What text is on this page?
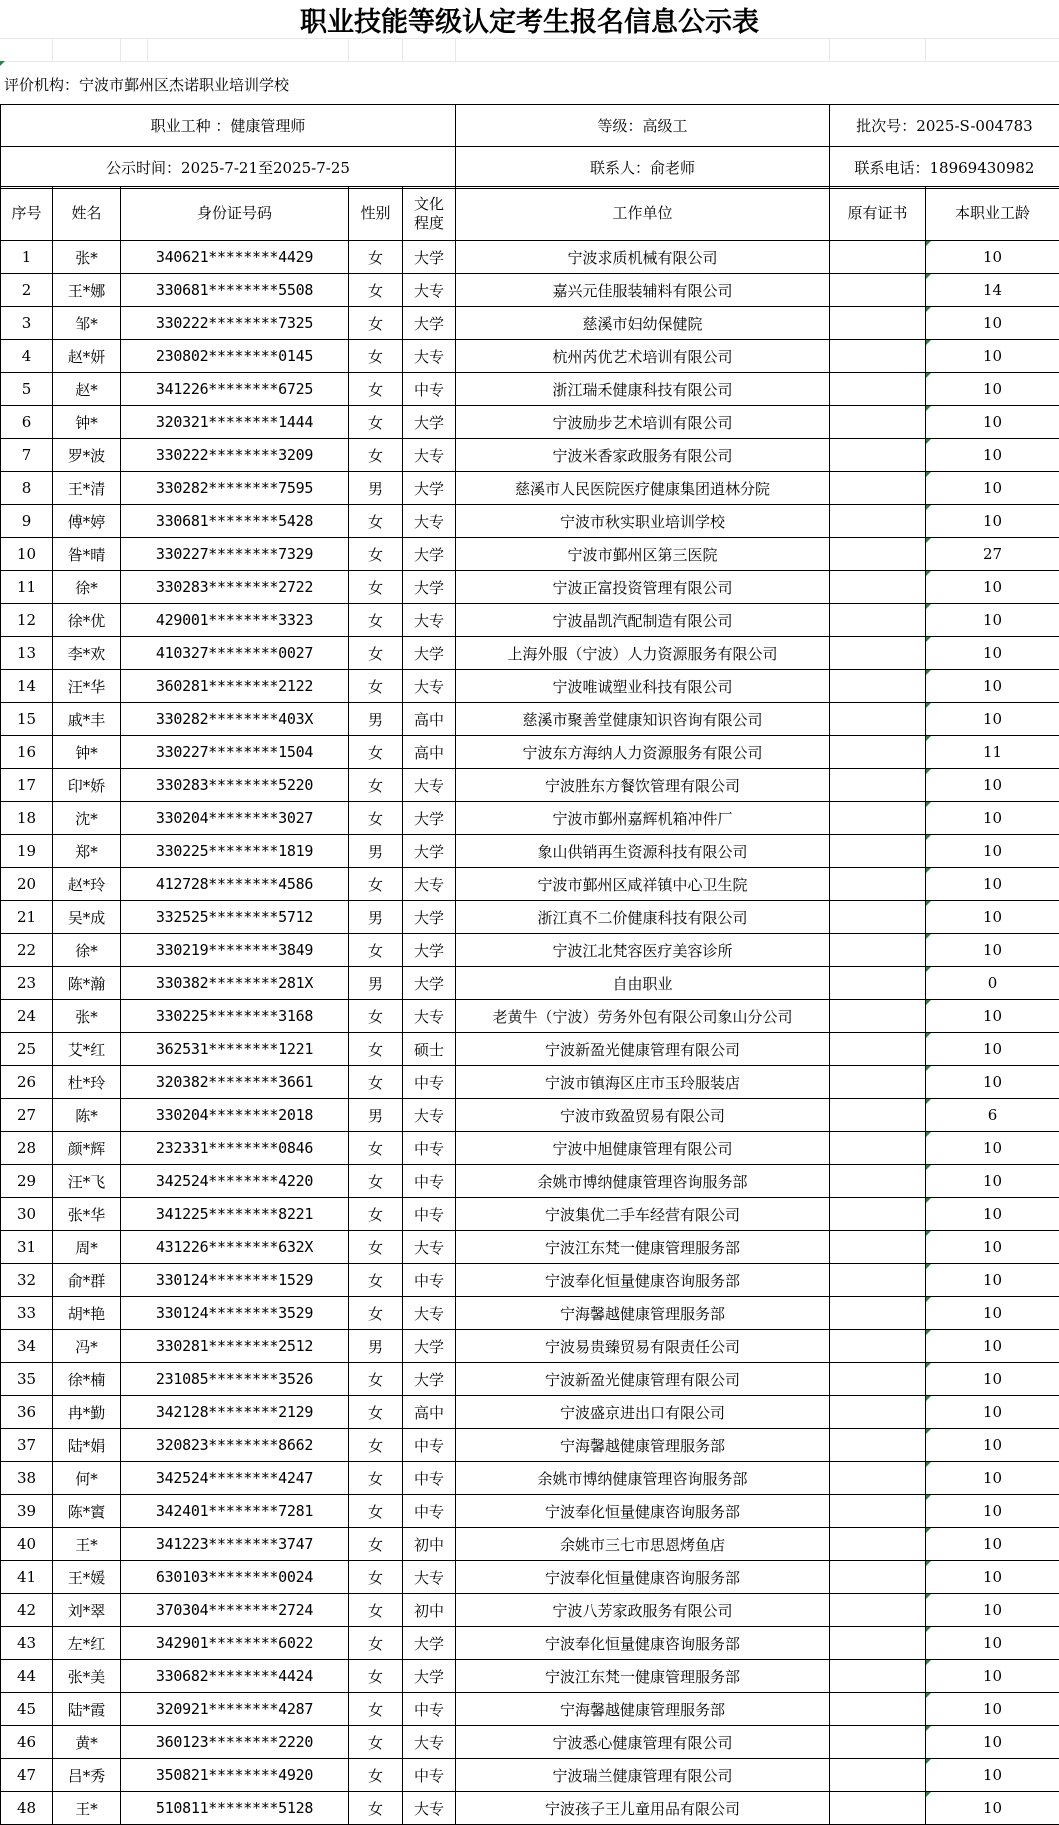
职业技能等级认定考生报名信息公示表
评价机构：宁波市鄞州区杰诺职业培训学校
职业工种 ：健康管理师	等级：高级工	批次号：2025-S-004783
公示时间：2025-7-21至2025-7-25	联系人：俞老师	联系电话：18969430982
序号	姓名	身份证号码	性别	文化程度	工作单位	原有证书	本职业工龄
1	张*	340621********4429	女	大学	宁波求质机械有限公司		10

2	王*娜	330681********5508	女	大专	嘉兴元佳服装辅料有限公司		14

3	邹*	330222********7325	女	大学	慈溪市妇幼保健院		10

4	赵*妍	230802********0145	女	大专	杭州芮优艺术培训有限公司		10

5	赵*	341226********6725	女	中专	浙江瑞禾健康科技有限公司		10

6	钟*	320321********1444	女	大学	宁波励步艺术培训有限公司		10

7	罗*波	330222********3209	女	大专	宁波米香家政服务有限公司		10

8	王*清	330282********7595	男	大学	慈溪市人民医院医疗健康集团逍林分院		10

9	傅*婷	330681********5428	女	大专	宁波市秋实职业培训学校		10

10	昝*晴	330227********7329	女	大学	宁波市鄞州区第三医院		27

11	徐*	330283********2722	女	大学	宁波正富投资管理有限公司		10

12	徐*优	429001********3323	女	大专	宁波晶凯汽配制造有限公司		10

13	李*欢	410327********0027	女	大学	上海外服（宁波）人力资源服务有限公司		10

14	汪*华	360281********2122	女	大专	宁波唯诚塑业科技有限公司		10

15	戚*丰	330282********403X	男	高中	慈溪市聚善堂健康知识咨询有限公司		10

16	钟*	330227********1504	女	高中	宁波东方海纳人力资源服务有限公司		11

17	印*娇	330283********5220	女	大专	宁波胜东方餐饮管理有限公司		10

18	沈*	330204********3027	女	大学	宁波市鄞州嘉辉机箱冲件厂		10

19	郑*	330225********1819	男	大学	象山供销再生资源科技有限公司		10

20	赵*玲	412728********4586	女	大专	宁波市鄞州区咸祥镇中心卫生院		10

21	吴*成	332525********5712	男	大学	浙江真不二价健康科技有限公司		10

22	徐*	330219********3849	女	大学	宁波江北梵容医疗美容诊所		10

23	陈*瀚	330382********281X	男	大学	自由职业		0

24	张*	330225********3168	女	大专	老黄牛（宁波）劳务外包有限公司象山分公司		10

25	艾*红	362531********1221	女	硕士	宁波新盈光健康管理有限公司		10

26	杜*玲	320382********3661	女	中专	宁波市镇海区庄市玉玲服装店		10

27	陈*	330204********2018	男	大专	宁波市致盈贸易有限公司		6

28	颜*辉	232331********0846	女	中专	宁波中旭健康管理有限公司		10

29	汪*飞	342524********4220	女	中专	余姚市博纳健康管理咨询服务部		10

30	张*华	341225********8221	女	中专	宁波集优二手车经营有限公司		10

31	周*	431226********632X	女	大专	宁波江东梵一健康管理服务部		10

32	俞*群	330124********1529	女	中专	宁波奉化恒量健康咨询服务部		10

33	胡*艳	330124********3529	女	大专	宁海馨越健康管理服务部		10

34	冯*	330281********2512	男	大学	宁波易贵臻贸易有限责任公司		10

35	徐*楠	231085********3526	女	大学	宁波新盈光健康管理有限公司		10

36	冉*勤	342128********2129	女	高中	宁波盛京进出口有限公司		10

37	陆*娟	320823********8662	女	中专	宁海馨越健康管理服务部		10

38	何*	342524********4247	女	中专	余姚市博纳健康管理咨询服务部		10

39	陈*賨	342401********7281	女	中专	宁波奉化恒量健康咨询服务部		10

40	王*	341223********3747	女	初中	余姚市三七市思恩烤鱼店		10

41	王*媛	630103********0024	女	大专	宁波奉化恒量健康咨询服务部		10

42	刘*翠	370304********2724	女	初中	宁波八芳家政服务有限公司		10

43	左*红	342901********6022	女	大学	宁波奉化恒量健康咨询服务部		10

44	张*美	330682********4424	女	大学	宁波江东梵一健康管理服务部		10

45	陆*霞	320921********4287	女	中专	宁海馨越健康管理服务部		10

46	黄*	360123********2220	女	大专	宁波悉心健康管理有限公司		10

47	吕*秀	350821********4920	女	中专	宁波瑞兰健康管理有限公司		10

48	王*	510811********5128	女	大专	宁波孩子王儿童用品有限公司		10
